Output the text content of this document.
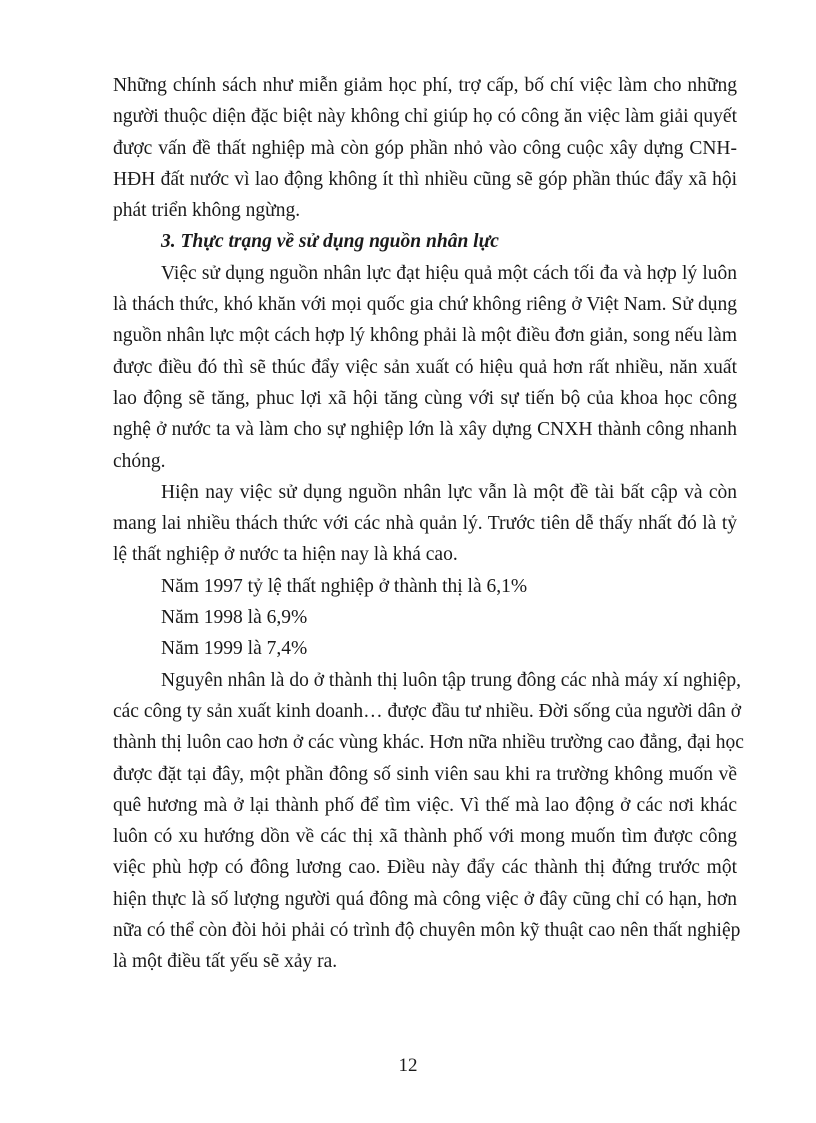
Những chính sách như miễn giảm học phí, trợ cấp, bố chí việc làm cho những

người thuộc diện đặc biệt này không chỉ giúp họ có công ăn việc làm giải quyết

được vấn đề thất nghiệp mà còn góp phần nhỏ vào công cuộc xây dựng CNH-

HĐH đất nước vì lao động không ít thì nhiều cũng sẽ góp phần thúc đẩy xã hội

phát triển không ngừng.

3. Thực trạng về sử dụng nguồn nhân lực

Việc sử dụng nguồn nhân lực đạt hiệu quả một cách tối đa và hợp lý luôn

là thách thức, khó khăn với mọi quốc gia chứ không riêng ở Việt Nam. Sử dụng

nguồn nhân lực một cách hợp lý không phải là một điều đơn giản, song nếu làm

được điều đó thì sẽ thúc đẩy việc sản xuất có hiệu quả hơn rất nhiều, năn xuất

lao động sẽ tăng, phuc lợi xã hội tăng cùng với sự tiến bộ của khoa học công

nghệ ở nước ta và làm cho sự nghiệp lớn là xây dựng CNXH thành công nhanh

chóng.

Hiện nay việc sử dụng nguồn nhân lực vẫn là một đề tài bất cập và còn

mang lai nhiều thách thức với các nhà quản lý. Trước tiên dễ thấy nhất đó là tỷ

lệ thất nghiệp ở nước ta hiện nay là khá cao.

Năm 1997 tỷ lệ thất nghiệp ở thành thị là 6,1%

Năm 1998 là 6,9%

Năm 1999 là 7,4%

Nguyên nhân là do ở thành thị luôn tập trung đông các nhà máy xí nghiệp,

các công ty sản xuất kinh doanh… được đầu tư nhiều. Đời sống của người dân ở

thành thị luôn cao hơn ở các vùng khác. Hơn nữa nhiều trường cao đẳng, đại học

được đặt tại đây, một phần đông số sinh viên sau khi ra trường không muốn về

quê hương mà ở lại thành phố để tìm việc. Vì thế mà lao động ở các nơi khác

luôn có xu hướng dồn về các thị xã thành phố với mong muốn tìm được công

việc phù hợp có đông lương cao. Điều này đẩy các thành thị đứng trước một

hiện thực là số lượng người quá đông mà công việc ở đây cũng chỉ có hạn, hơn

nữa có thể còn đòi hỏi phải có trình độ chuyên môn kỹ thuật cao nên thất nghiệp

là một điều tất yếu sẽ xảy ra.

12
